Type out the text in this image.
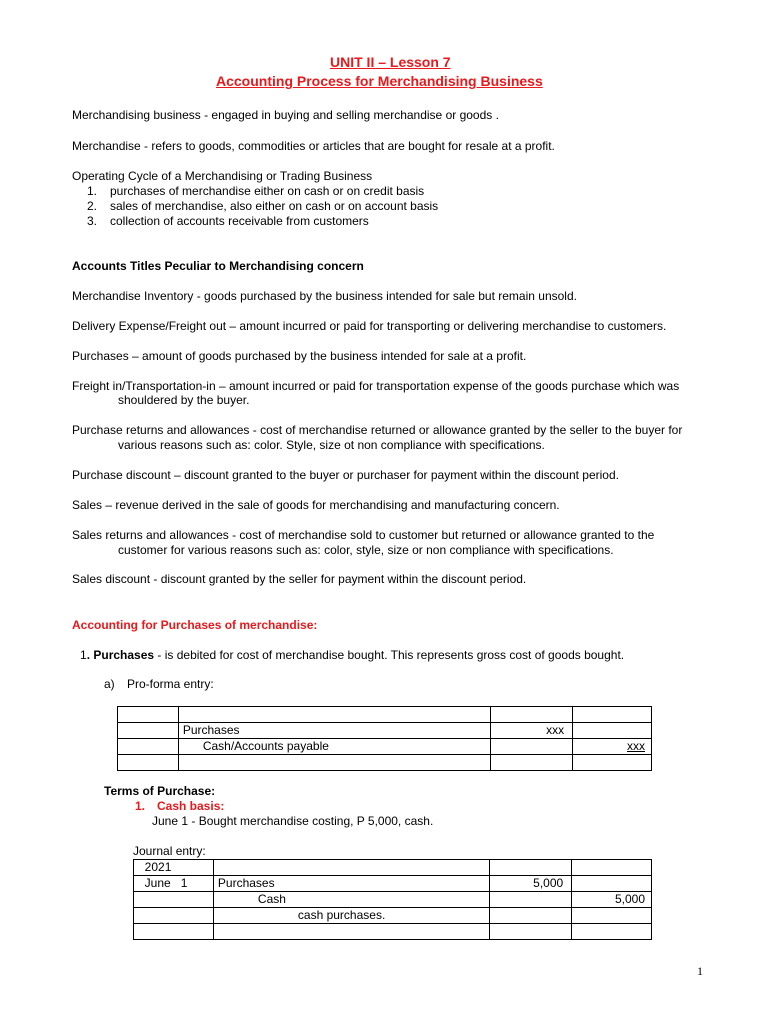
UNIT II – Lesson 7
Accounting Process for Merchandising Business
Merchandising business - engaged in buying and selling merchandise or goods .
Merchandise - refers to goods, commodities or articles that are bought for resale at a profit.
Operating Cycle of a Merchandising or Trading Business
1. purchases of merchandise either on cash or on credit basis
2. sales of merchandise, also either on cash or on account basis
3. collection of accounts receivable from customers
Accounts Titles Peculiar to Merchandising concern
Merchandise Inventory - goods purchased by the business intended for sale but remain unsold.
Delivery Expense/Freight out – amount incurred or paid for transporting or delivering merchandise to customers.
Purchases – amount of goods purchased by the business intended for sale at a profit.
Freight in/Transportation-in – amount incurred or paid for transportation expense of the goods purchase which was
shouldered by the buyer.
Purchase returns and allowances - cost of merchandise returned or allowance granted by the seller to the buyer for
various reasons such as: color. Style, size ot non compliance with specifications.
Purchase discount – discount granted to the buyer or purchaser for payment within the discount period.
Sales – revenue derived in the sale of goods for merchandising and manufacturing concern.
Sales returns and allowances - cost of merchandise sold to customer but returned or allowance granted to the
customer for various reasons such as: color, style, size or non compliance with specifications.
Sales discount - discount granted by the seller for payment within the discount period.
Accounting for Purchases of merchandise:
1. Purchases - is debited for cost of merchandise bought. This represents gross cost of goods bought.
a) Pro-forma entry:

	Purchases	xxx	
	Cash/Accounts payable		xxx

Terms of Purchase:
1. Cash basis:
June 1 - Bought merchandise costing, P 5,000, cash.
Journal entry:
2021			
June   1	Purchases	5,000	
	Cash		5,000
	cash purchases.		

1
